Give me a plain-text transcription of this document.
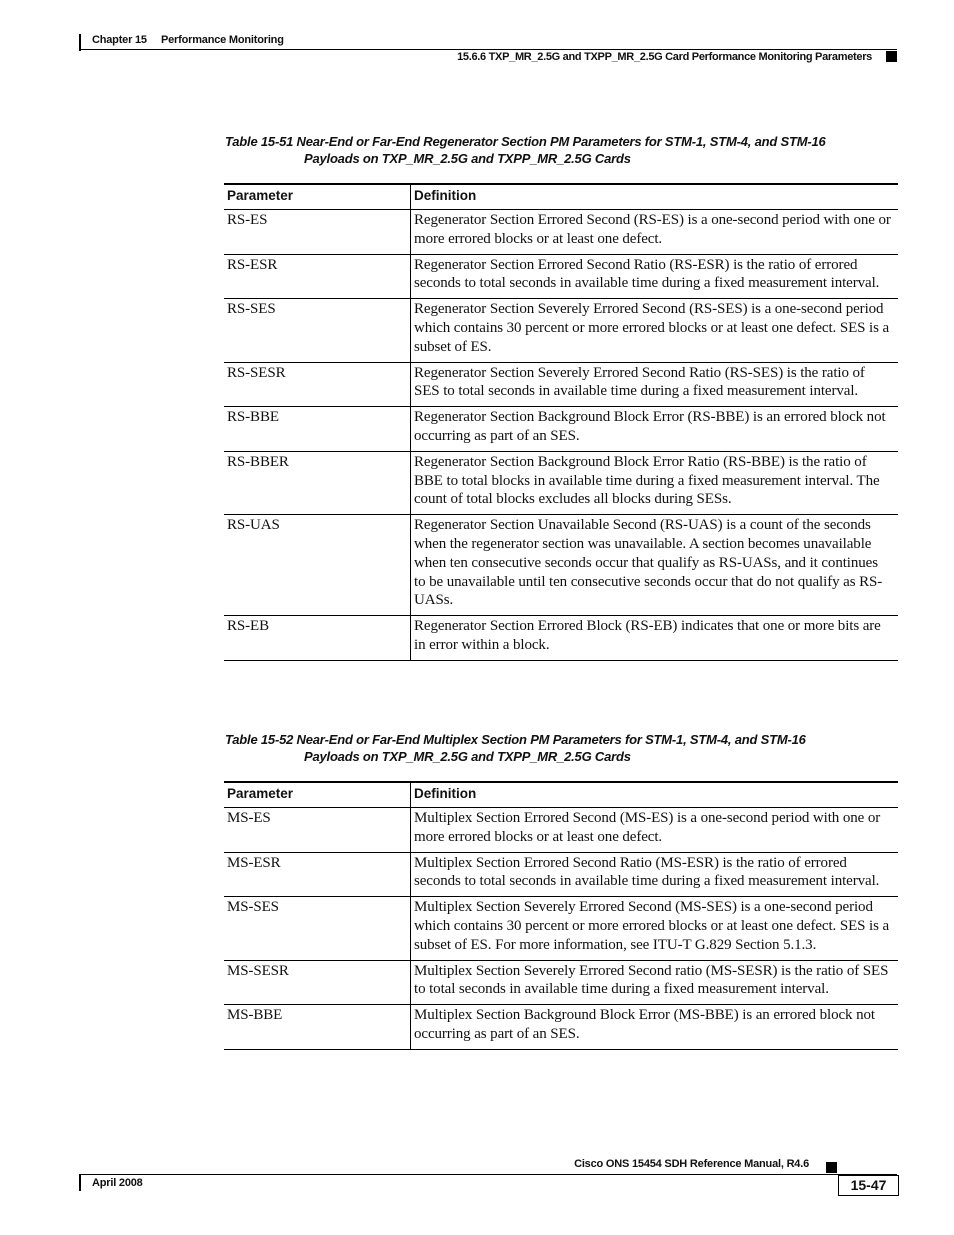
Chapter 15 Performance Monitoring
15.6.6 TXP_MR_2.5G and TXPP_MR_2.5G Card Performance Monitoring Parameters
Table 15-51 Near-End or Far-End Regenerator Section PM Parameters for STM-1, STM-4, and STM-16
Payloads on TXP_MR_2.5G and TXPP_MR_2.5G Cards
Parameter	Definition
RS-ES	Regenerator Section Errored Second (RS-ES) is a one-second period with one or more errored blocks or at least one defect.
RS-ESR	Regenerator Section Errored Second Ratio (RS-ESR) is the ratio of errored seconds to total seconds in available time during a fixed measurement interval.
RS-SES	Regenerator Section Severely Errored Second (RS-SES) is a one-second period which contains 30 percent or more errored blocks or at least one defect. SES is a subset of ES.
RS-SESR	Regenerator Section Severely Errored Second Ratio (RS-SES) is the ratio of SES to total seconds in available time during a fixed measurement interval.
RS-BBE	Regenerator Section Background Block Error (RS-BBE) is an errored block not occurring as part of an SES.
RS-BBER	Regenerator Section Background Block Error Ratio (RS-BBE) is the ratio of BBE to total blocks in available time during a fixed measurement interval. The count of total blocks excludes all blocks during SESs.
RS-UAS	Regenerator Section Unavailable Second (RS-UAS) is a count of the seconds when the regenerator section was unavailable. A section becomes unavailable when ten consecutive seconds occur that qualify as RS-UASs, and it continues to be unavailable until ten consecutive seconds occur that do not qualify as RS-UASs.
RS-EB	Regenerator Section Errored Block (RS-EB) indicates that one or more bits are in error within a block.
Table 15-52 Near-End or Far-End Multiplex Section PM Parameters for STM-1, STM-4, and STM-16
Payloads on TXP_MR_2.5G and TXPP_MR_2.5G Cards
Parameter	Definition
MS-ES	Multiplex Section Errored Second (MS-ES) is a one-second period with one or more errored blocks or at least one defect.
MS-ESR	Multiplex Section Errored Second Ratio (MS-ESR) is the ratio of errored seconds to total seconds in available time during a fixed measurement interval.
MS-SES	Multiplex Section Severely Errored Second (MS-SES) is a one-second period which contains 30 percent or more errored blocks or at least one defect. SES is a subset of ES. For more information, see ITU-T G.829 Section 5.1.3.
MS-SESR	Multiplex Section Severely Errored Second ratio (MS-SESR) is the ratio of SES to total seconds in available time during a fixed measurement interval.
MS-BBE	Multiplex Section Background Block Error (MS-BBE) is an errored block not occurring as part of an SES.
Cisco ONS 15454 SDH Reference Manual, R4.6
April 2008	15-47
